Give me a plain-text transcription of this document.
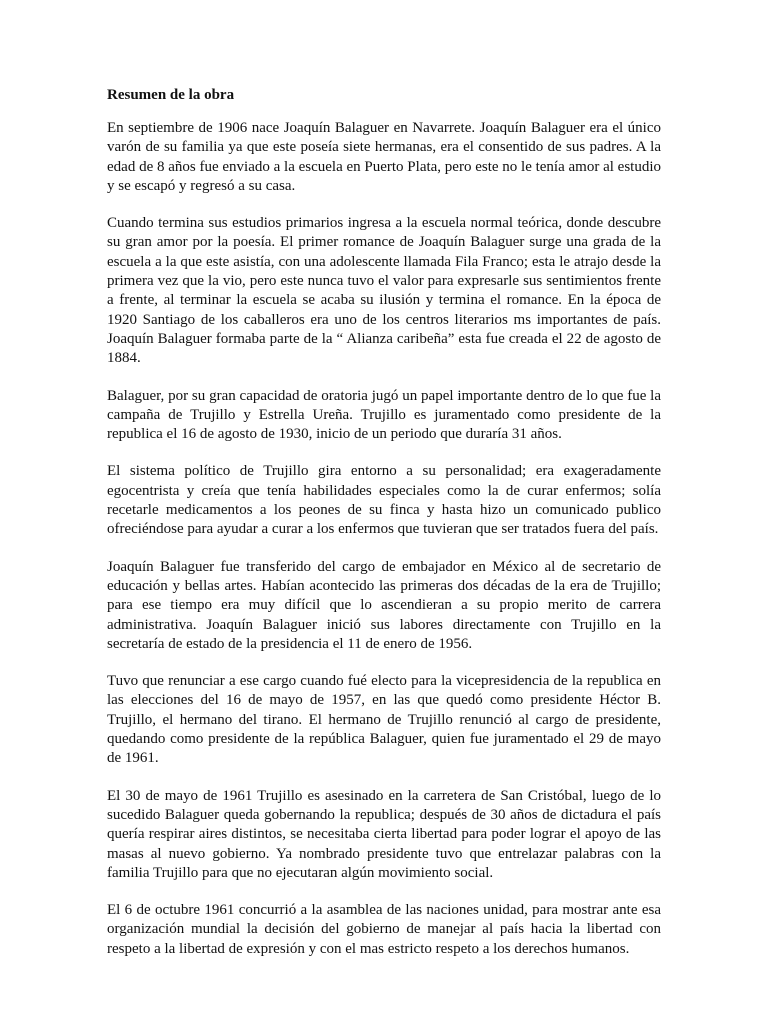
Resumen de la obra

En septiembre de 1906 nace Joaquín Balaguer en Navarrete. Joaquín Balaguer era el único varón de su familia ya que este poseía siete hermanas, era el consentido de sus padres. A la edad de 8 años fue enviado a la escuela en Puerto Plata, pero este no le tenía amor al estudio y se escapó y regresó a su casa.

Cuando termina sus estudios primarios ingresa a la escuela normal teórica, donde descubre su gran amor por la poesía. El primer romance de Joaquín Balaguer surge una grada de la escuela a la que este asistía, con una adolescente llamada Fila Franco; esta le atrajo desde la primera vez que la vio, pero este nunca tuvo el valor para expresarle sus sentimientos frente a frente, al terminar la escuela se acaba su ilusión y termina el romance. En la época de 1920 Santiago de los caballeros era uno de los centros literarios ms importantes de país. Joaquín Balaguer formaba parte de la “ Alianza caribeña” esta fue creada el 22 de agosto de 1884.

Balaguer, por su gran capacidad de oratoria jugó un papel importante dentro de lo que fue la campaña de Trujillo y Estrella Ureña. Trujillo es juramentado como presidente de la republica el 16 de agosto de 1930, inicio de un periodo que duraría 31 años.

El sistema político de Trujillo gira entorno a su personalidad; era exageradamente egocentrista y creía que tenía habilidades especiales como la de curar enfermos; solía recetarle medicamentos a los peones de su finca y hasta hizo un comunicado publico ofreciéndose para ayudar a curar a los enfermos que tuvieran que ser tratados fuera del país.

Joaquín Balaguer fue transferido del cargo de embajador en México al de secretario de educación y bellas artes. Habían acontecido las primeras dos décadas de la era de Trujillo; para ese tiempo era muy difícil que lo ascendieran a su propio merito de carrera administrativa. Joaquín Balaguer inició sus labores directamente con Trujillo en la secretaría de estado de la presidencia el 11 de enero de 1956.

Tuvo que renunciar a ese cargo cuando fué electo para la vicepresidencia de la republica en las elecciones del 16 de mayo de 1957, en las que quedó como presidente Héctor B. Trujillo, el hermano del tirano. El hermano de Trujillo renunció al cargo de presidente, quedando como presidente de la república Balaguer, quien fue juramentado el 29 de mayo de 1961.

El 30 de mayo de 1961 Trujillo es asesinado en la carretera de San Cristóbal, luego de lo sucedido Balaguer queda gobernando la republica; después de 30 años de dictadura el país quería respirar aires distintos, se necesitaba cierta libertad para poder lograr el apoyo de las masas al nuevo gobierno. Ya nombrado presidente tuvo que entrelazar palabras con la familia Trujillo para que no ejecutaran algún movimiento social.

El 6 de octubre 1961 concurrió a la asamblea de las naciones unidad, para mostrar ante esa organización mundial la decisión del gobierno de manejar al país hacia la libertad con respeto a la libertad de expresión y con el mas estricto respeto a los derechos humanos.
